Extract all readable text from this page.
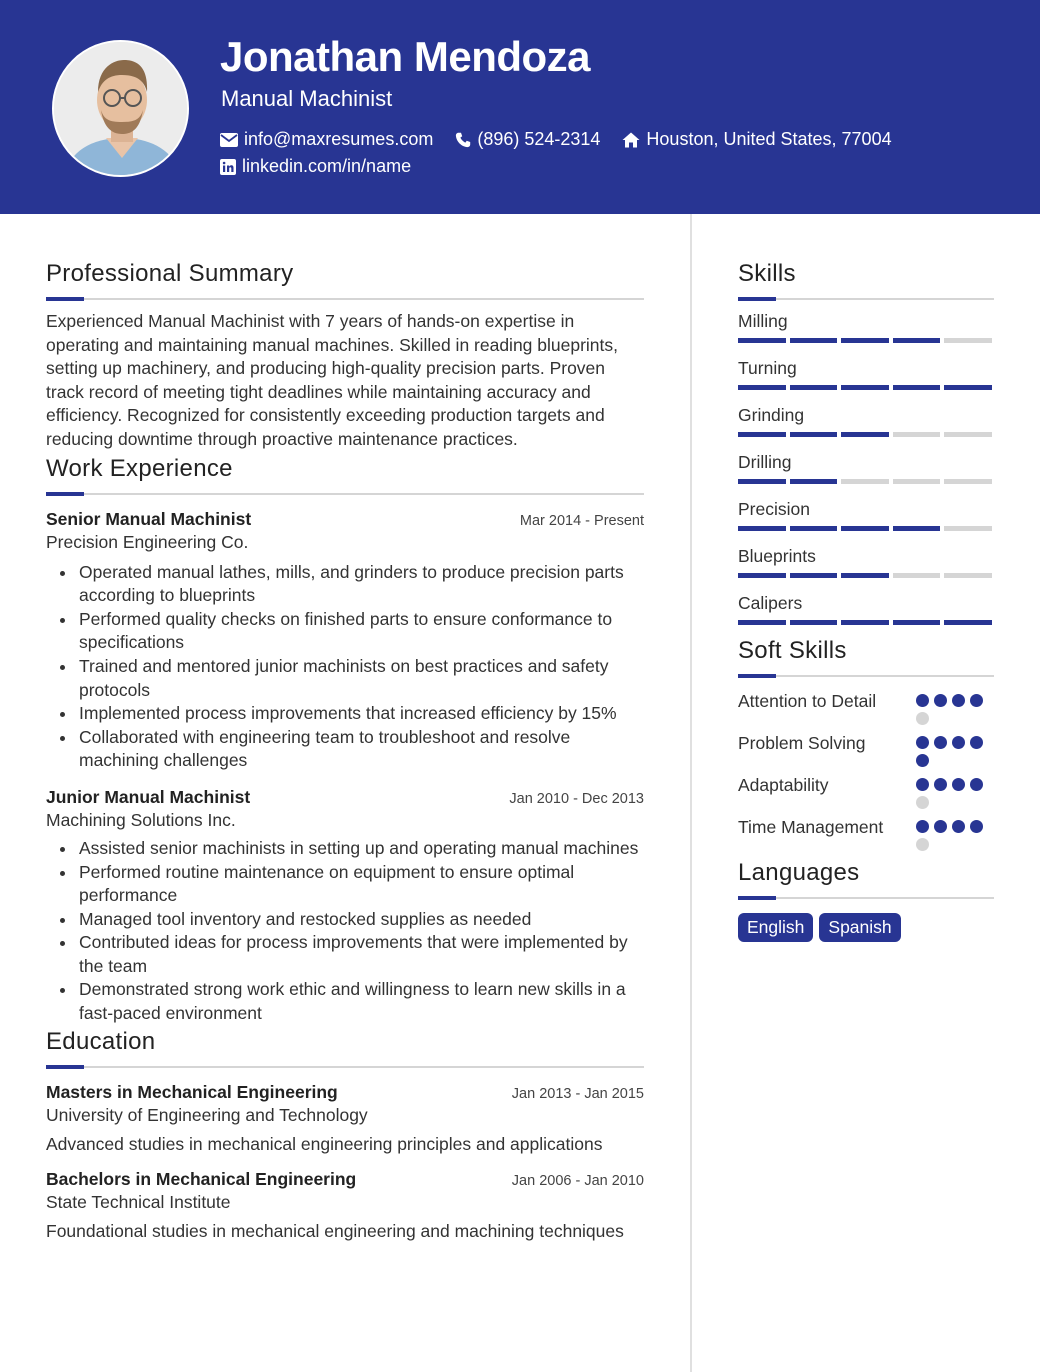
Jonathan Mendoza
Manual Machinist
info@maxresumes.com (896) 524-2314	Houston, United States, 77004
linkedin.com/in/name
Professional Summary

Experienced Manual Machinist with 7 years of hands-on expertise in operating and maintaining manual machines. Skilled in reading blueprints, setting up machinery, and producing high-quality precision parts. Proven track record of meeting tight deadlines while maintaining accuracy and efficiency. Recognized for consistently exceeding production targets and reducing downtime through proactive maintenance practices.

Work Experience
Senior Manual Machinist	Mar 2014 - Present
Precision Engineering Co.
Operated manual lathes, mills, and grinders to produce precision parts according to blueprints
Performed quality checks on finished parts to ensure conformance to specifications
Trained and mentored junior machinists on best practices and safety protocols
Implemented process improvements that increased efficiency by 15%
Collaborated with engineering team to troubleshoot and resolve machining challenges
Junior Manual Machinist	Jan 2010 - Dec 2013
Machining Solutions Inc.
Assisted senior machinists in setting up and operating manual machines
Performed routine maintenance on equipment to ensure optimal performance
Managed tool inventory and restocked supplies as needed
Contributed ideas for process improvements that were implemented by the team
Demonstrated strong work ethic and willingness to learn new skills in a fast-paced environment
Education
Masters in Mechanical Engineering	Jan 2013 - Jan 2015
University of Engineering and Technology
Advanced studies in mechanical engineering principles and applications
Bachelors in Mechanical Engineering	Jan 2006 - Jan 2010
State Technical Institute
Foundational studies in mechanical engineering and machining techniques
Skills
Milling
Turning
Grinding
Drilling
Precision
Blueprints
Calipers
Soft Skills
Attention to Detail
Problem Solving
Adaptability
Time Management
Languages
English	Spanish
